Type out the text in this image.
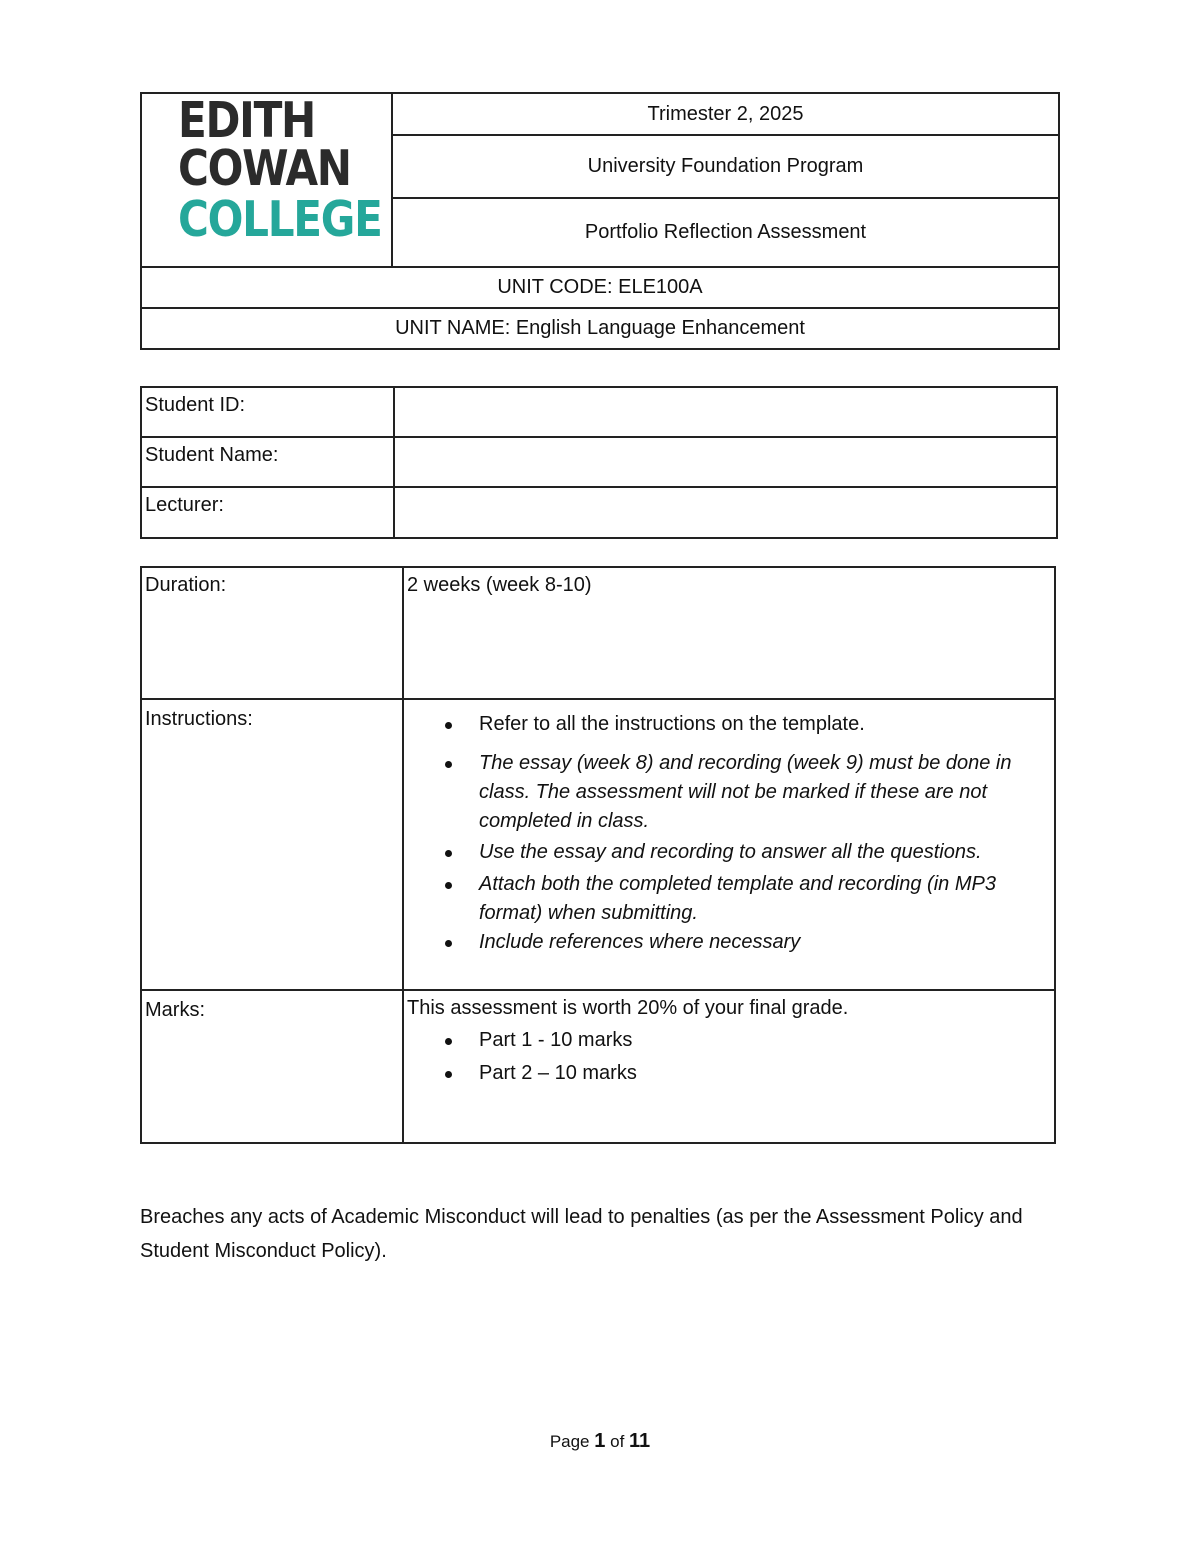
EDITH
COWAN
COLLEGE
Trimester 2, 2025
University Foundation Program
Portfolio Reflection Assessment
UNIT CODE: ELE100A
UNIT NAME: English Language Enhancement
Student ID:
Student Name:
Lecturer:
Duration:	2 weeks (week 8-10)
Instructions:	Refer to all the instructions on the template.
The essay (week 8) and recording (week 9) must be done in class. The assessment will not be marked if these are not completed in class.
Use the essay and recording to answer all the questions.
Attach both the completed template and recording (in MP3 format) when submitting.
Include references where necessary
Marks:	This assessment is worth 20% of your final grade.
Part 1 - 10 marks
Part 2 – 10 marks
Breaches any acts of Academic Misconduct will lead to penalties (as per the Assessment Policy and Student Misconduct Policy).
Page 1 of 11
